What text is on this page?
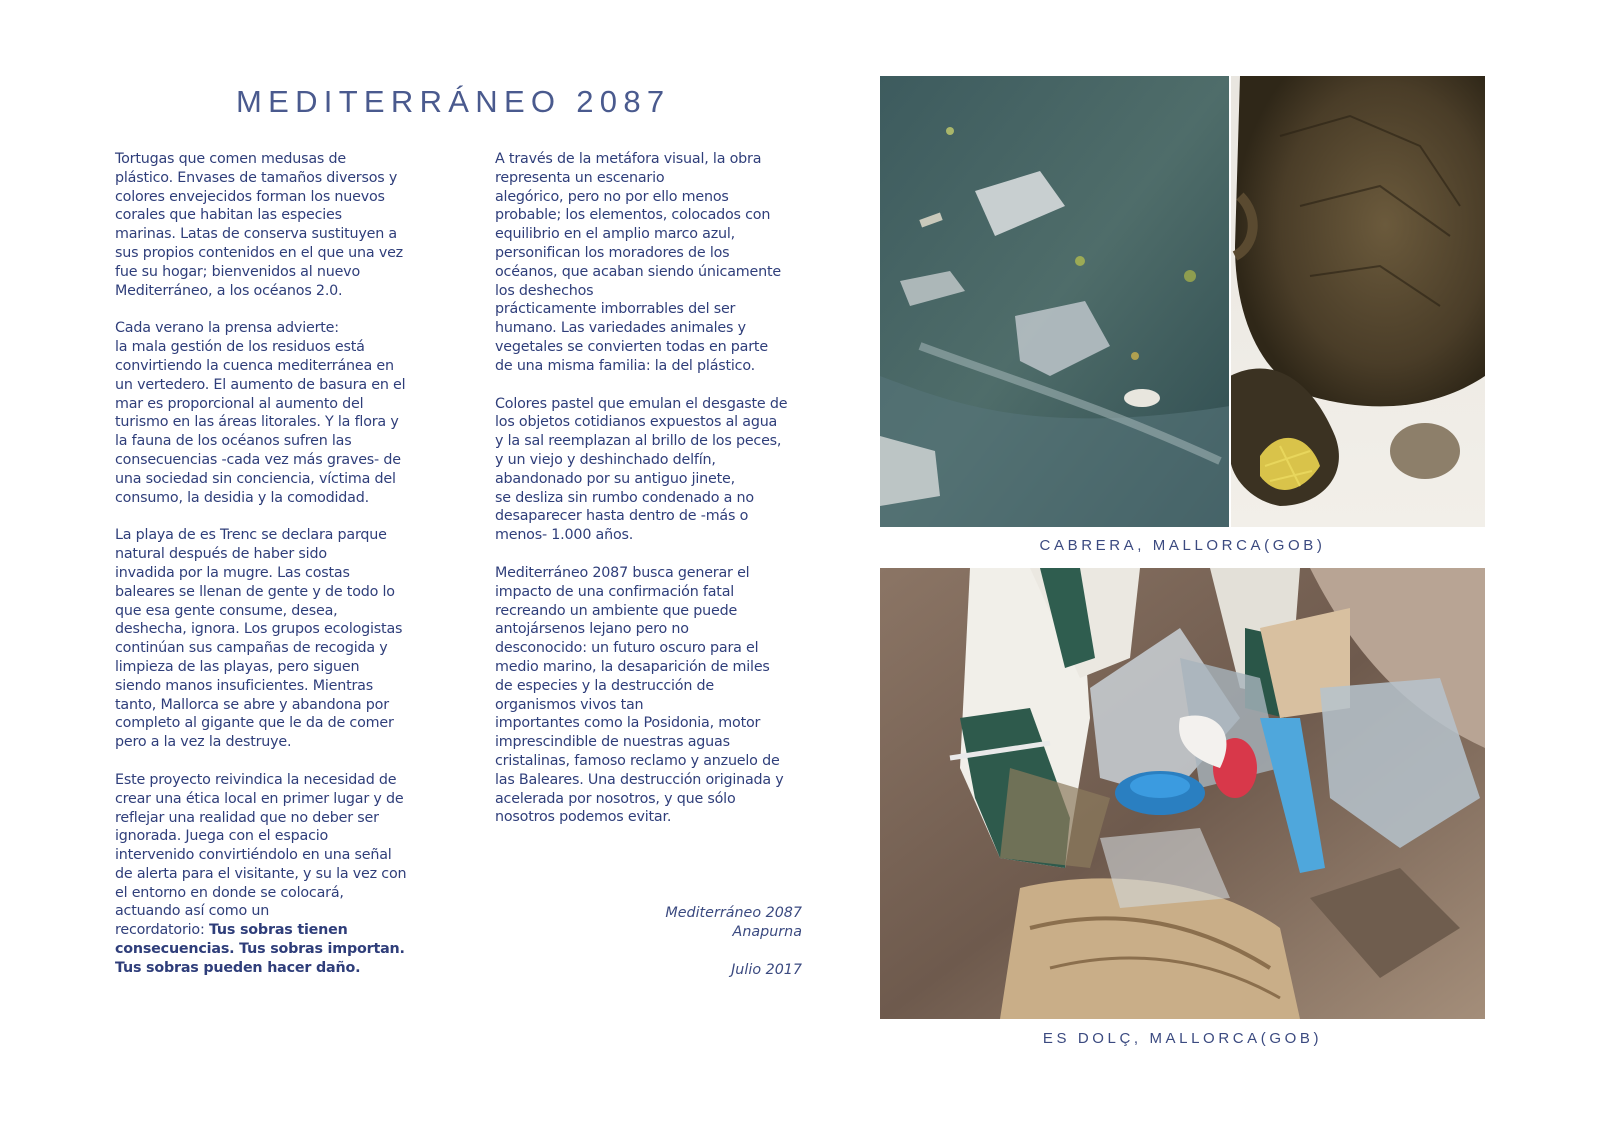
MEDITERRÁNEO 2087

Tortugas que comen medusas de
plástico. Envases de tamaños diversos y
colores envejecidos forman los nuevos
corales que habitan las especies
marinas. Latas de conserva sustituyen a
sus propios contenidos en el que una vez
fue su hogar; bienvenidos al nuevo
Mediterráneo, a los océanos 2.0.

Cada verano la prensa advierte:
la mala gestión de los residuos está
convirtiendo la cuenca mediterránea en
un vertedero. El aumento de basura en el
mar es proporcional al aumento del
turismo en las áreas litorales. Y la flora y
la fauna de los océanos sufren las
consecuencias -cada vez más graves- de
una sociedad sin conciencia, víctima del
consumo, la desidia y la comodidad.

La playa de es Trenc se declara parque
natural después de haber sido
invadida por la mugre. Las costas
baleares se llenan de gente y de todo lo
que esa gente consume, desea,
deshecha, ignora. Los grupos ecologistas
continúan sus campañas de recogida y
limpieza de las playas, pero siguen
siendo manos insuficientes. Mientras
tanto, Mallorca se abre y abandona por
completo al gigante que le da de comer
pero a la vez la destruye.

Este proyecto reivindica la necesidad de
crear una ética local en primer lugar y de
reflejar una realidad que no deber ser
ignorada. Juega con el espacio
intervenido convirtiéndolo en una señal
de alerta para el visitante, y su la vez con
el entorno en donde se colocará,
actuando así como un
recordatorio: Tus sobras tienen
consecuencias. Tus sobras importan.
Tus sobras pueden hacer daño.

A través de la metáfora visual, la obra
representa un escenario
alegórico, pero no por ello menos
probable; los elementos, colocados con
equilibrio en el amplio marco azul,
personifican los moradores de los
océanos, que acaban siendo únicamente
los deshechos
prácticamente imborrables del ser
humano. Las variedades animales y
vegetales se convierten todas en parte
de una misma familia: la del plástico.

Colores pastel que emulan el desgaste de
los objetos cotidianos expuestos al agua
y la sal reemplazan al brillo de los peces,
y un viejo y deshinchado delfín,
abandonado por su antiguo jinete,
se desliza sin rumbo condenado a no
desaparecer hasta dentro de -más o
menos- 1.000 años.

Mediterráneo 2087 busca generar el
impacto de una confirmación fatal
recreando un ambiente que puede
antojársenos lejano pero no
desconocido: un futuro oscuro para el
medio marino, la desaparición de miles
de especies y la destrucción de
organismos vivos tan
importantes como la Posidonia, motor
imprescindible de nuestras aguas
cristalinas, famoso reclamo y anzuelo de
las Baleares. Una destrucción originada y
acelerada por nosotros, y que sólo
nosotros podemos evitar.

Mediterráneo 2087
Anapurna
Julio 2017
CABRERA, MALLORCA(GOB)
ES DOLÇ, MALLORCA(GOB)
